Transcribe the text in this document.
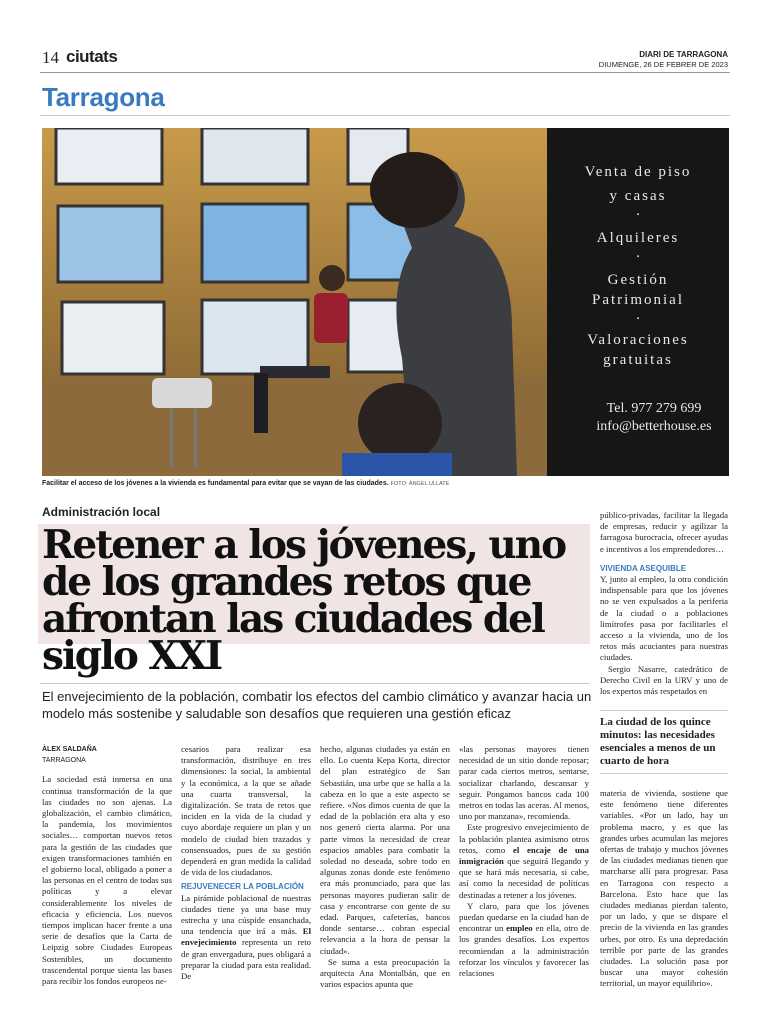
14 ciutats	DIARI DE TARRAGONA
DIUMENGE, 26 DE FEBRER DE 2023
Tarragona
Venta de piso
y casas
·
Alquileres
·
Gestión
Patrimonial
·
Valoraciones
gratuitas
Tel. 977 279 699
info@betterhouse.es
Facilitar el acceso de los jóvenes a la vivienda es fundamental para evitar que se vayan de las ciudades. FOTO: ÀNGEL ULLATE
Administración local
Retener a los jóvenes, uno de los grandes retos que afrontan las ciudades del siglo XXI
El envejecimiento de la población, combatir los efectos del cambio climático y avanzar hacia un modelo más sostenibe y saludable son desafíos que requieren una gestión eficaz
ÀLEX SALDAÑA
TARRAGONA

La sociedad está inmersa en una continua transformación de la que las ciudades no son ajenas. La globalización, el cambio climático, la pandemia, los movimientos sociales… comportan nuevos retos para la gestión de las ciudades que exigen transformaciones también en el gobierno local, obligado a poner a las personas en el centro de todas sus políticas y a elevar considerablemente los niveles de eficacia y eficiencia. Los nuevos tiempos implican hacer frente a una serie de desafíos que la Carta de Leipzig sobre Ciudades Europeas Sostenibles, un documento trascendental porque sienta las bases para recibir los fondos europeos ne-

cesarios para realizar esa transformación, distribuye en tres dimensiones: la social, la ambiental y la económica, a la que se añade una cuarta transversal, la digitalización. Se trata de retos que inciden en la vida de la ciudad y cuyo abordaje requiere un plan y un modelo de ciudad bien trazados y consensuados, pues de su gestión dependerá en gran medida la calidad de vida de los ciudadanos.

REJUVENECER LA POBLACIÓN

La pirámide poblacional de nuestras ciudades tiene ya una base muy estrecha y una cúspide ensanchada, una tendencia que irá a más. El envejecimiento representa un reto de gran envergadura, pues obligará a preparar la ciudad para esta realidad. De

hecho, algunas ciudades ya están en ello. Lo cuenta Kepa Korta, director del plan estratégico de San Sebastián, una urbe que se halla a la cabeza en lo que a este aspecto se refiere. «Nos dimos cuenta de que la edad de la población era alta y eso nos generó cierta alarma. Por una parte vimos la necesidad de crear espacios amables para combatir la soledad no deseada, sobre todo en algunas zonas donde este fenómeno era más pronunciado, para que las personas mayores pudieran salir de casa y encontrarse con gente de su edad. Parques, cafeterías, bancos donde sentarse… cobran especial relevancia a la hora de pensar la ciudad».

Se suma a esta preocupación la arquitecta Ana Montalbán, que en varios espacios apunta que

«las personas mayores tienen necesidad de un sitio donde reposar; parar cada ciertos metros, sentarse, socializar charlando, descansar y seguir. Pongamos bancos cada 100 metros en todas las aceras. Al menos, uno por manzana», recomienda.

Este progresivo envejecimiento de la población plantea asimismo otros retos, como el encaje de una inmigración que seguirá llegando y que se hará más necesaria, si cabe, así como la necesidad de políticas destinadas a retener a los jóvenes.

Y claro, para que los jóvenes puedan quedarse en la ciudad han de encontrar un empleo en ella, otro de los grandes desafíos. Los expertos recomiendan a la administración reforzar los vínculos y favorecer las relaciones

público-privadas, facilitar la llegada de empresas, reducir y agilizar la farragosa burocracia, ofrecer ayudas e incentivos a los emprendedores…

VIVIENDA ASEQUIBLE

Y, junto al empleo, la otra condición indispensable para que los jóvenes no se ven expulsados a la periferia de la ciudad o a poblaciones limítrofes pasa por facilitarles el acceso a la vivienda, uno de los retos más acuciantes para nuestras ciudades.

Sergio Nasarre, catedrático de Derecho Civil en la URV y uno de los expertos más respetados en

La ciudad de los quince minutos: las necesidades esenciales a menos de un cuarto de hora

materia de vivienda, sostiene que este fenómeno tiene diferentes variables. «Por un lado, hay un problema macro, y es que las grandes urbes acumulan las mejores ofertas de trabajo y muchos jóvenes de las ciudades medianas tienen que marcharse allí para progresar. Pasa en Tarragona con respecto a Barcelona. Esto hace que las ciudades medianas pierdan talento, por un lado, y que se dispare el precio de la vivienda en las grandes urbes, por otro. Es una depredación terrible por parte de las grandes ciudades. La solución pasa por buscar una mayor cohesión territorial, un mayor equilibrio».
